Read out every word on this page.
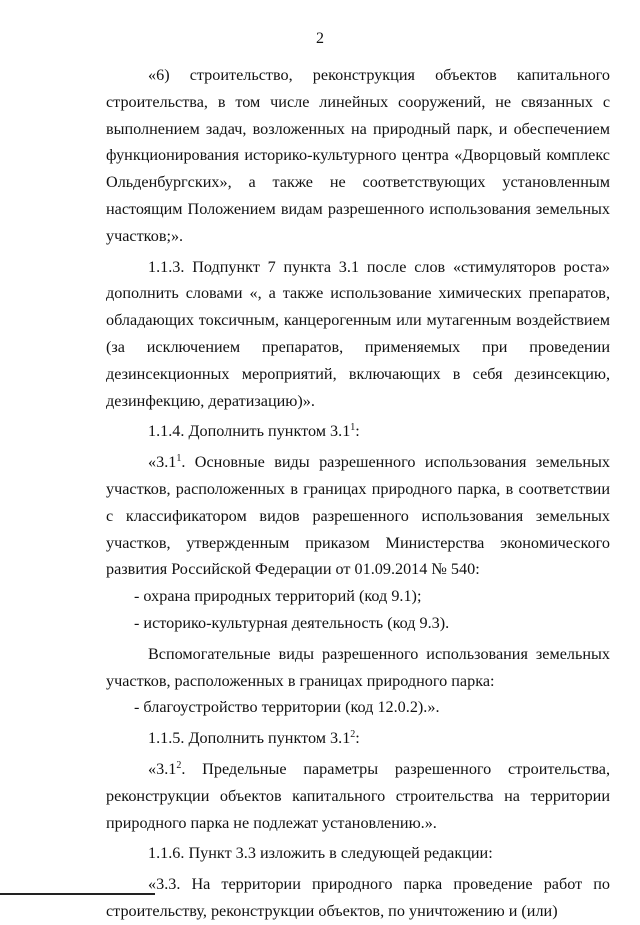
2

«6) строительство, реконструкция объектов капитального строительства, в том числе линейных сооружений, не связанных с выполнением задач, возложенных на природный парк, и обеспечением функционирования историко-культурного центра «Дворцовый комплекс Ольденбургских», а также не соответствующих установленным настоящим Положением видам разрешенного использования земельных участков;».

1.1.3. Подпункт 7 пункта 3.1 после слов «стимуляторов роста» дополнить словами «, а также использование химических препаратов, обладающих токсичным, канцерогенным или мутагенным воздействием (за исключением препаратов, применяемых при проведении дезинсекционных мероприятий, включающих в себя дезинсекцию, дезинфекцию, дератизацию)».

1.1.4. Дополнить пунктом $3.1^1$:

«$3.1^1$. Основные виды разрешенного использования земельных участков, расположенных в границах природного парка, в соответствии с классификатором видов разрешенного использования земельных участков, утвержденным приказом Министерства экономического развития Российской Федерации от 01.09.2014 № 540:

- охрана природных территорий (код 9.1);

- историко-культурная деятельность (код 9.3).

Вспомогательные виды разрешенного использования земельных участков, расположенных в границах природного парка:

- благоустройство территории (код 12.0.2).».

1.1.5. Дополнить пунктом $3.1^2$:

«$3.1^2$. Предельные параметры разрешенного строительства, реконструкции объектов капитального строительства на территории природного парка не подлежат установлению.».

1.1.6. Пункт 3.3 изложить в следующей редакции:

«3.3. На территории природного парка проведение работ по строительству, реконструкции объектов, по уничтожению и (или)
